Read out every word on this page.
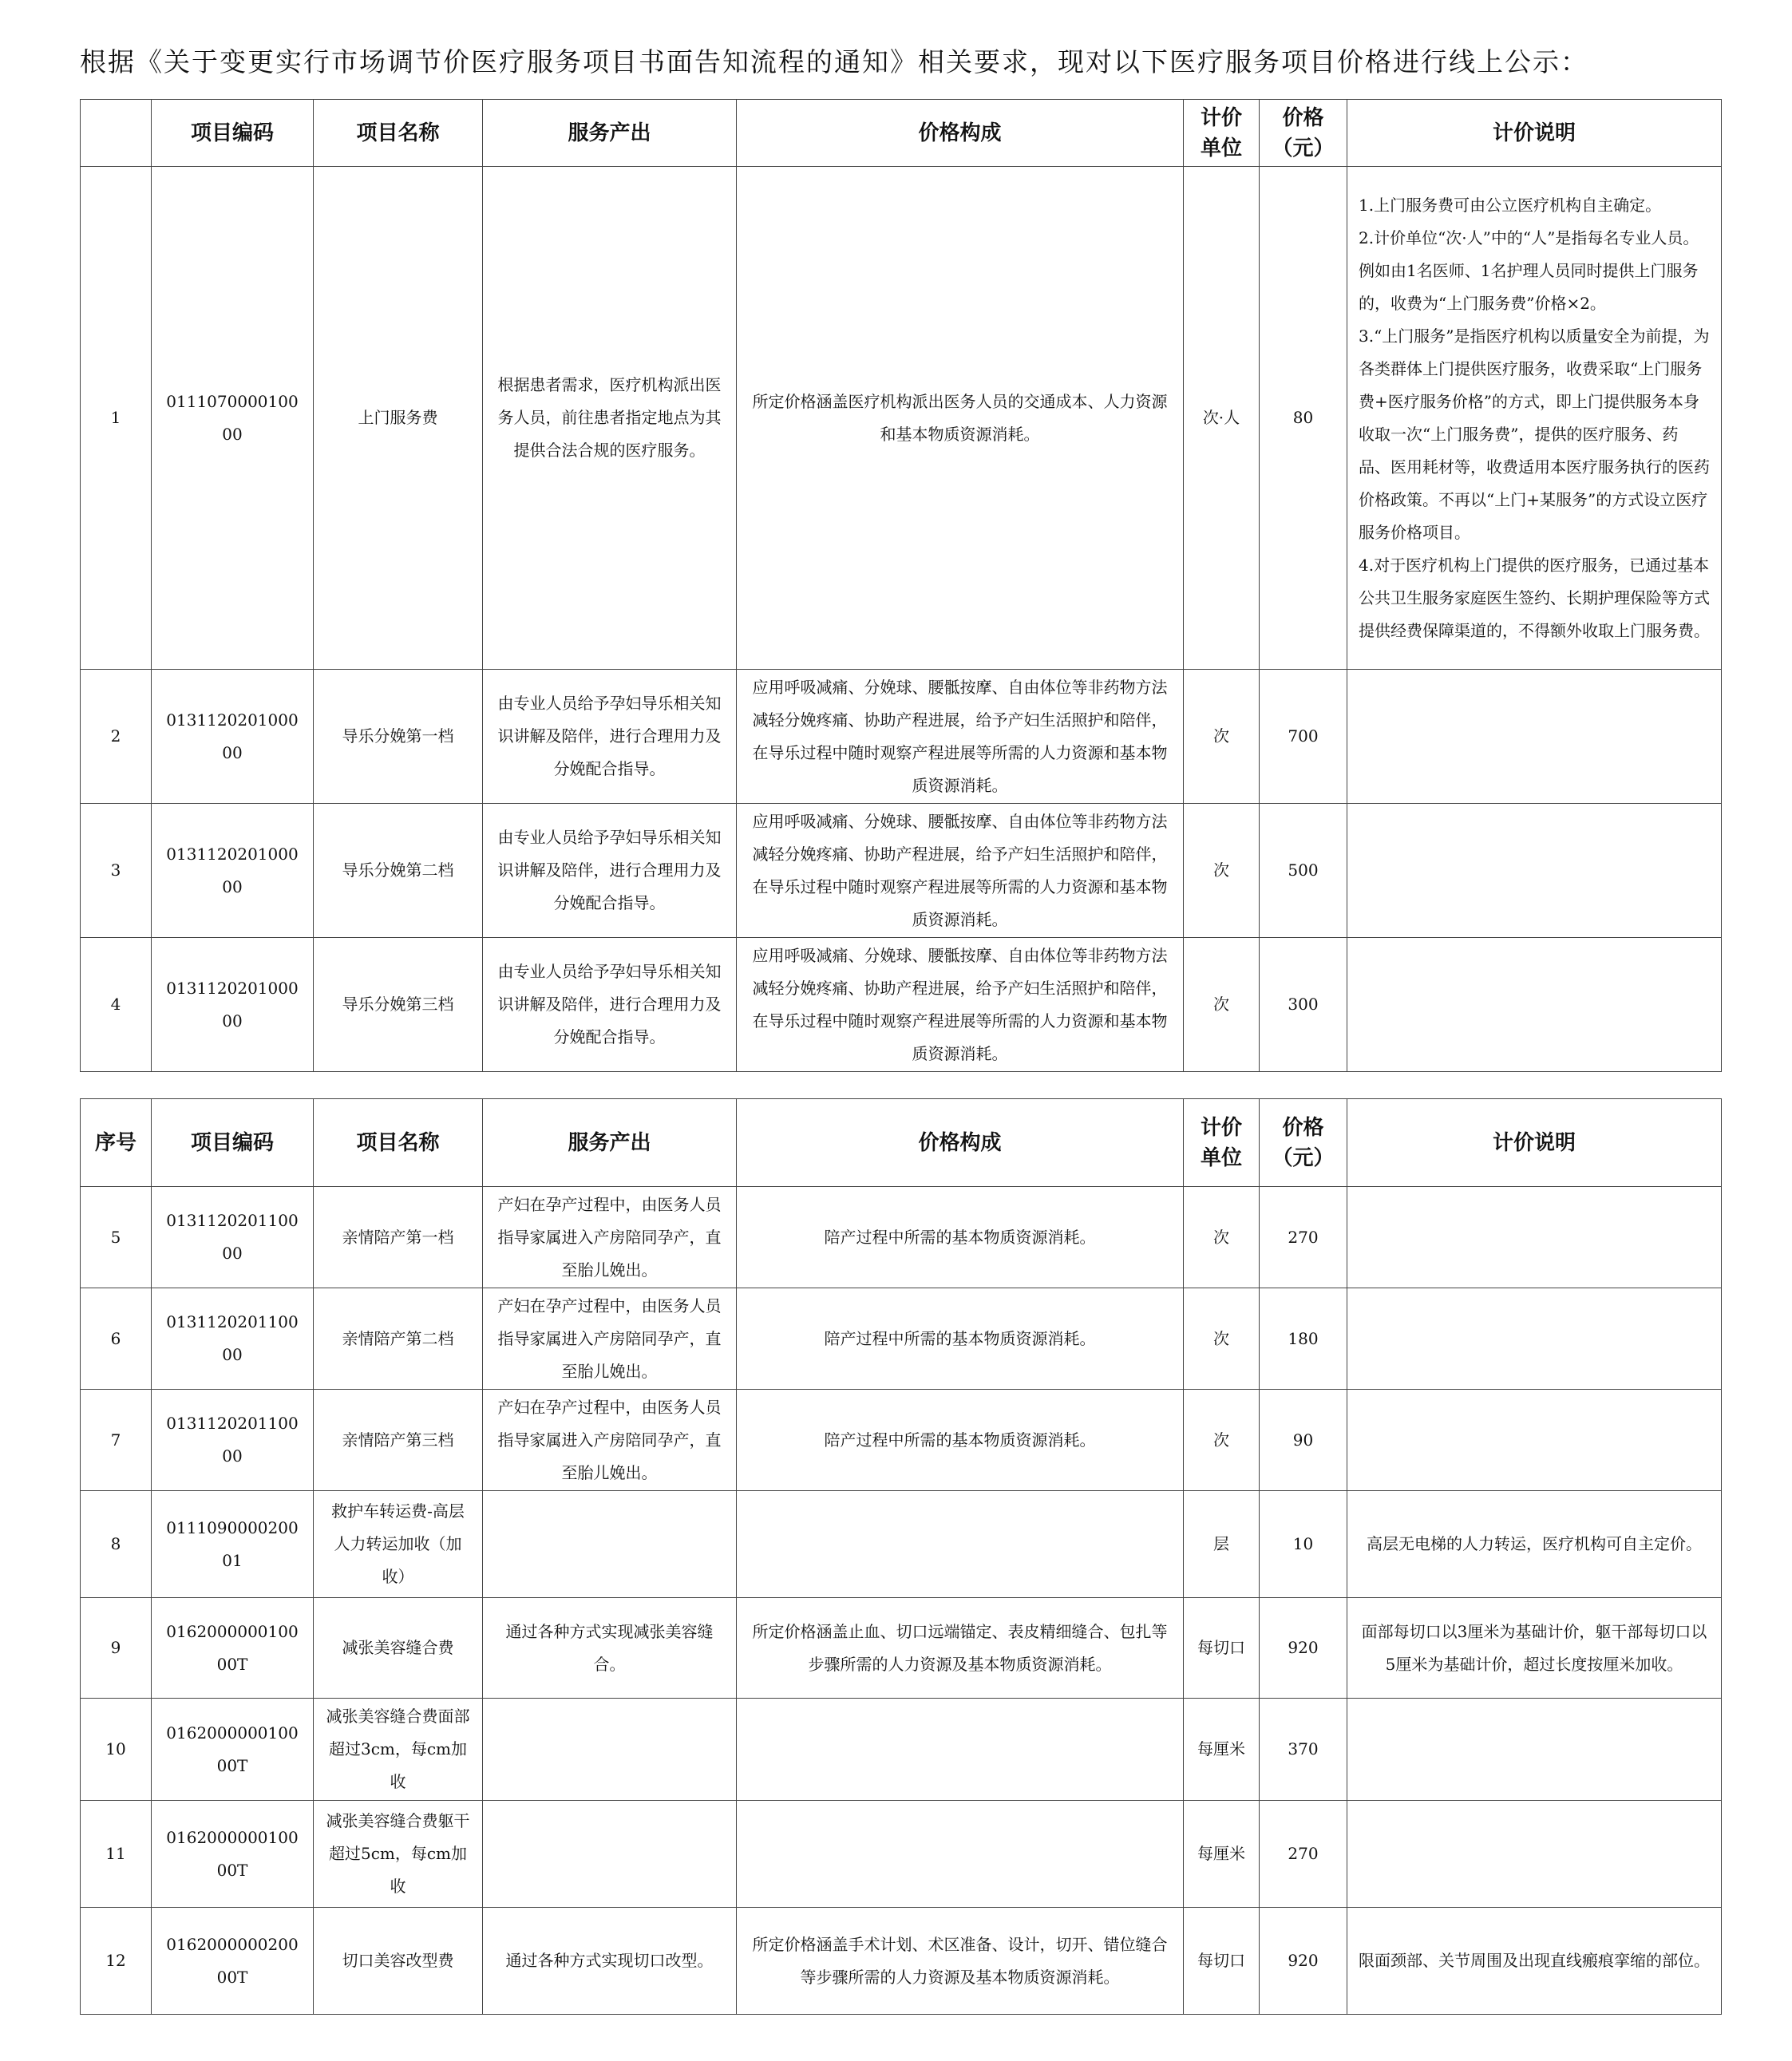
根据《关于变更实行市场调节价医疗服务项目书面告知流程的通知》相关要求，现对以下医疗服务项目价格进行线上公示：
	项目编码	项目名称	服务产出	价格构成	计价单位	价格（元）	计价说明
1	011107000010000	上门服务费	根据患者需求，医疗机构派出医务人员，前往患者指定地点为其提供合法合规的医疗服务。	所定价格涵盖医疗机构派出医务人员的交通成本、人力资源和基本物质资源消耗。	次·人	80	1.上门服务费可由公立医疗机构自主确定。
2.计价单位“次·人”中的“人”是指每名专业人员。例如由1名医师、1名护理人员同时提供上门服务的，收费为“上门服务费”价格×2。
3.“上门服务”是指医疗机构以质量安全为前提，为各类群体上门提供医疗服务，收费采取“上门服务费+医疗服务价格”的方式，即上门提供服务本身收取一次“上门服务费”，提供的医疗服务、药品、医用耗材等，收费适用本医疗服务执行的医药价格政策。不再以“上门+某服务”的方式设立医疗服务价格项目。
4.对于医疗机构上门提供的医疗服务，已通过基本公共卫生服务家庭医生签约、长期护理保险等方式提供经费保障渠道的，不得额外收取上门服务费。

2	013112020100000	导乐分娩第一档	由专业人员给予孕妇导乐相关知识讲解及陪伴，进行合理用力及分娩配合指导。	应用呼吸减痛、分娩球、腰骶按摩、自由体位等非药物方法减轻分娩疼痛、协助产程进展，给予产妇生活照护和陪伴，在导乐过程中随时观察产程进展等所需的人力资源和基本物质资源消耗。	次	700	
3	013112020100000	导乐分娩第二档	由专业人员给予孕妇导乐相关知识讲解及陪伴，进行合理用力及分娩配合指导。	应用呼吸减痛、分娩球、腰骶按摩、自由体位等非药物方法减轻分娩疼痛、协助产程进展，给予产妇生活照护和陪伴，在导乐过程中随时观察产程进展等所需的人力资源和基本物质资源消耗。	次	500	
4	013112020100000	导乐分娩第三档	由专业人员给予孕妇导乐相关知识讲解及陪伴，进行合理用力及分娩配合指导。	应用呼吸减痛、分娩球、腰骶按摩、自由体位等非药物方法减轻分娩疼痛、协助产程进展，给予产妇生活照护和陪伴，在导乐过程中随时观察产程进展等所需的人力资源和基本物质资源消耗。	次	300	
序号	项目编码	项目名称	服务产出	价格构成	计价单位	价格（元）	计价说明
5	013112020110000	亲情陪产第一档	产妇在孕产过程中，由医务人员指导家属进入产房陪同孕产，直至胎儿娩出。	陪产过程中所需的基本物质资源消耗。	次	270	
6	013112020110000	亲情陪产第二档	产妇在孕产过程中，由医务人员指导家属进入产房陪同孕产，直至胎儿娩出。	陪产过程中所需的基本物质资源消耗。	次	180	
7	013112020110000	亲情陪产第三档	产妇在孕产过程中，由医务人员指导家属进入产房陪同孕产，直至胎儿娩出。	陪产过程中所需的基本物质资源消耗。	次	90	
8	011109000020001	救护车转运费-高层人力转运加收（加收）			层	10	高层无电梯的人力转运，医疗机构可自主定价。
9	016200000010000T	减张美容缝合费	通过各种方式实现减张美容缝合。	所定价格涵盖止血、切口远端锚定、表皮精细缝合、包扎等步骤所需的人力资源及基本物质资源消耗。	每切口	920	面部每切口以3厘米为基础计价，躯干部每切口以5厘米为基础计价，超过长度按厘米加收。
10	016200000010000T	减张美容缝合费面部超过3cm，每cm加收			每厘米	370	
11	016200000010000T	减张美容缝合费躯干超过5cm，每cm加收			每厘米	270	
12	016200000020000T	切口美容改型费	通过各种方式实现切口改型。	所定价格涵盖手术计划、术区准备、设计，切开、错位缝合等步骤所需的人力资源及基本物质资源消耗。	每切口	920	限面颈部、关节周围及出现直线瘢痕挛缩的部位。
